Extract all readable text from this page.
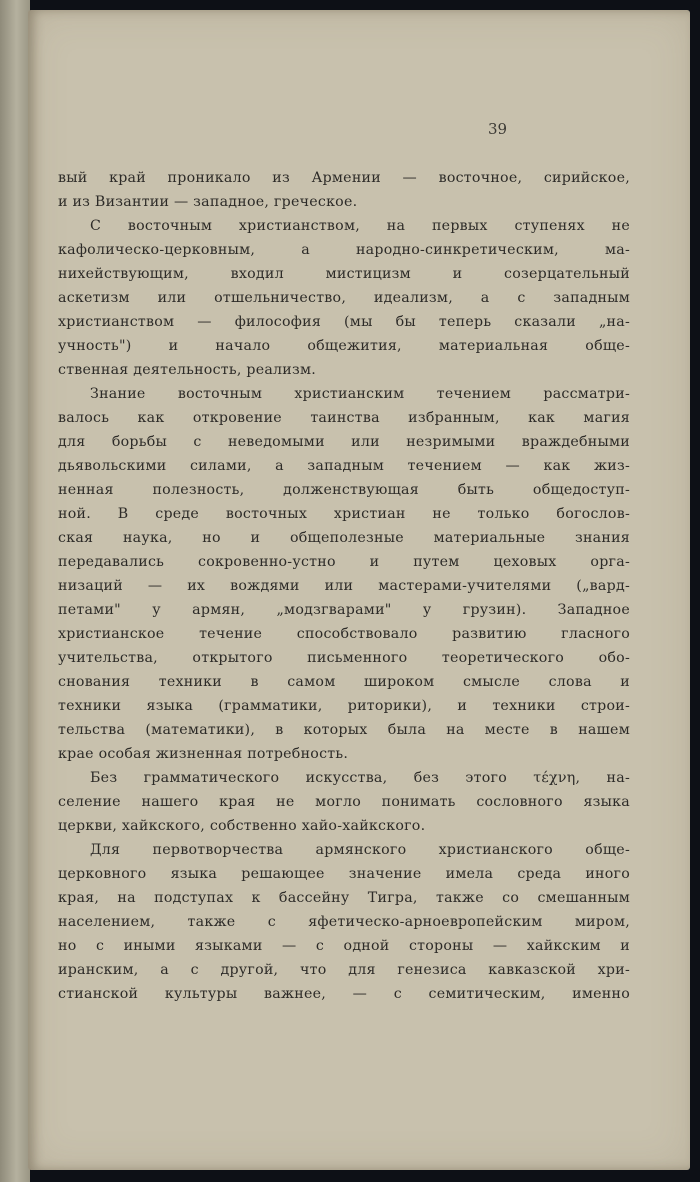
39
вый край проникало из Армении — восточное, сирийское,
и из Византии — западное, греческое.
С восточным христианством, на первых ступенях не
кафолическо-церковным, а народно-синкретическим, ма-
нихействующим, входил мистицизм и созерцательный
аскетизм или отшельничество, идеализм, а с западным
христианством — философия (мы бы теперь сказали „на-
учность") и начало общежития, материальная обще-
ственная деятельность, реализм.
Знание восточным христианским течением рассматри-
валось как откровение таинства избранным, как магия
для борьбы с неведомыми или незримыми враждебными
дьявольскими силами, а западным течением — как жиз-
ненная полезность, долженствующая быть общедоступ-
ной. В среде восточных христиан не только богослов-
ская наука, но и общеполезные материальные знания
передавались сокровенно-устно и путем цеховых орга-
низаций — их вождями или мастерами-учителями („вард-
петами" у армян, „модзгварами" у грузин). Западное
христианское течение способствовало развитию гласного
учительства, открытого письменного теоретического обо-
снования техники в самом широком смысле слова и
техники языка (грамматики, риторики), и техники строи-
тельства (математики), в которых была на месте в нашем
крае особая жизненная потребность.
Без грамматического искусства, без этого τέχνη, на-
селение нашего края не могло понимать сословного языка
церкви, хайкского, собственно хайо-хайкского.
Для первотворчества армянского христианского обще-
церковного языка решающее значение имела среда иного
края, на подступах к бассейну Тигра, также со смешанным
населением, также с яфетическо-арноевропейским миром,
но с иными языками — с одной стороны — хайкским и
иранским, а с другой, что для генезиса кавказской хри-
стианской культуры важнее, — с семитическим, именно
